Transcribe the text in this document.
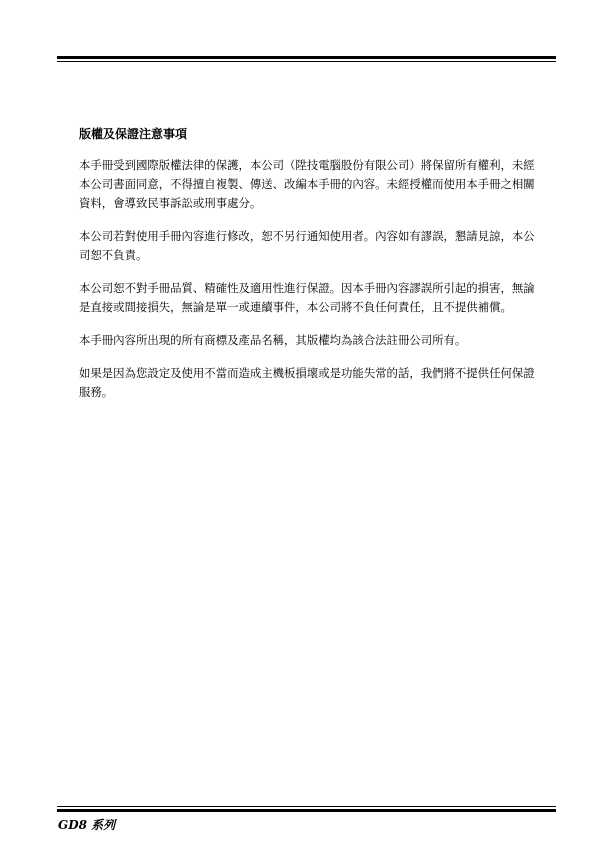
版權及保證注意事項

本手冊受到國際版權法律的保護，本公司（陞技電腦股份有限公司）將保留所有權利，未經本公司書面同意，不得擅自複製、傳送、改編本手冊的內容。未經授權而使用本手冊之相關資料，會導致民事訴訟或刑事處分。

本公司若對使用手冊內容進行修改，恕不另行通知使用者。內容如有謬誤，懇請見諒，本公司恕不負責。

本公司恕不對手冊品質、精確性及適用性進行保證。因本手冊內容謬誤所引起的損害，無論是直接或間接損失，無論是單一或連續事件，本公司將不負任何責任，且不提供補償。

本手冊內容所出現的所有商標及產品名稱，其版權均為該合法註冊公司所有。

如果是因為您設定及使用不當而造成主機板損壞或是功能失常的話，我們將不提供任何保證服務。

GD8 系列
